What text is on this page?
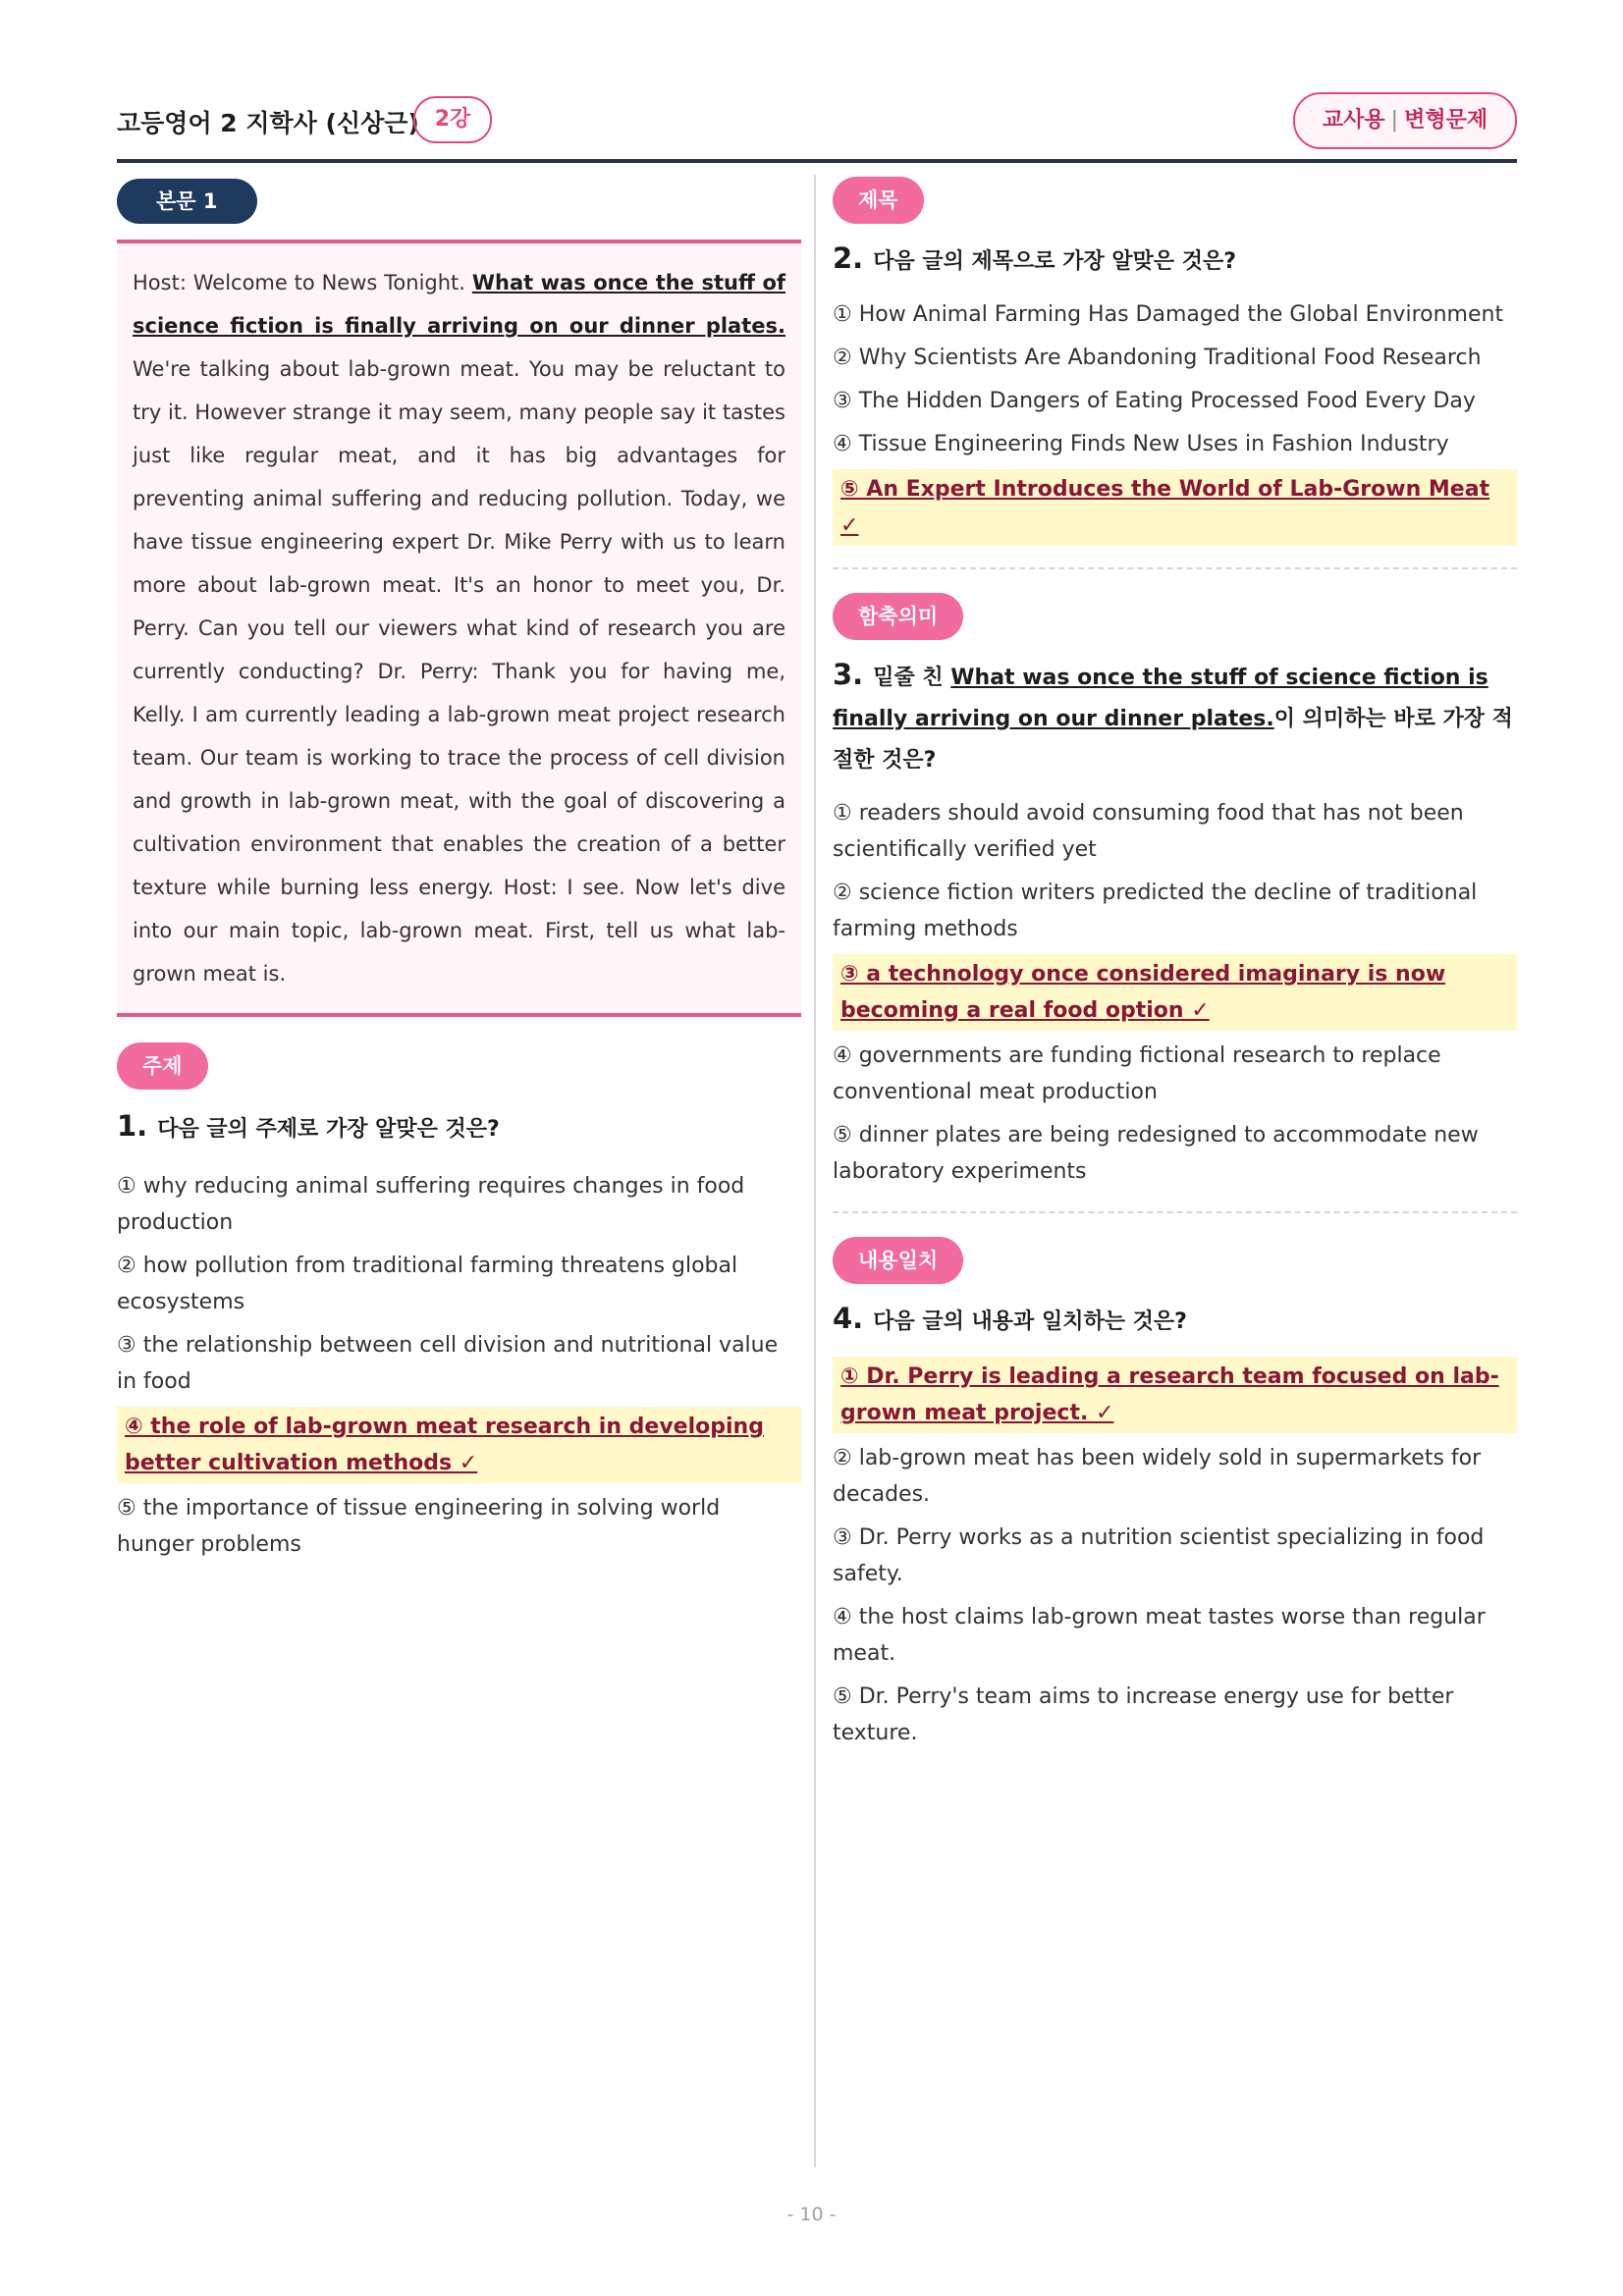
고등영어 2 지학사 (신상근) 2강	교사용 | 변형문제
본문 1
Host: Welcome to News Tonight. What was once the stuff of science fiction is finally arriving on our dinner plates. We're talking about lab-grown meat. You may be reluctant to try it. However strange it may seem, many people say it tastes just like regular meat, and it has big advantages for preventing animal suffering and reducing pollution. Today, we have tissue engineering expert Dr. Mike Perry with us to learn more about lab-grown meat. It's an honor to meet you, Dr. Perry. Can you tell our viewers what kind of research you are currently conducting? Dr. Perry: Thank you for having me, Kelly. I am currently leading a lab-grown meat project research team. Our team is working to trace the process of cell division and growth in lab-grown meat, with the goal of discovering a cultivation environment that enables the creation of a better texture while burning less energy. Host: I see. Now let's dive into our main topic, lab-grown meat. First, tell us what lab-grown meat is.
주제
1. 다음 글의 주제로 가장 알맞은 것은?
① why reducing animal suffering requires changes in food production
② how pollution from traditional farming threatens global ecosystems
③ the relationship between cell division and nutritional value in food
④ the role of lab-grown meat research in developing better cultivation methods ✓
⑤ the importance of tissue engineering in solving world hunger problems
제목
2. 다음 글의 제목으로 가장 알맞은 것은?
① How Animal Farming Has Damaged the Global Environment
② Why Scientists Are Abandoning Traditional Food Research
③ The Hidden Dangers of Eating Processed Food Every Day
④ Tissue Engineering Finds New Uses in Fashion Industry
⑤ An Expert Introduces the World of Lab-Grown Meat ✓
함축의미
3. 밑줄 친 What was once the stuff of science fiction is finally arriving on our dinner plates.이 의미하는 바로 가장 적절한 것은?
① readers should avoid consuming food that has not been scientifically verified yet
② science fiction writers predicted the decline of traditional farming methods
③ a technology once considered imaginary is now becoming a real food option ✓
④ governments are funding fictional research to replace conventional meat production
⑤ dinner plates are being redesigned to accommodate new laboratory experiments
내용일치
4. 다음 글의 내용과 일치하는 것은?
① Dr. Perry is leading a research team focused on lab-grown meat project. ✓
② lab-grown meat has been widely sold in supermarkets for decades.
③ Dr. Perry works as a nutrition scientist specializing in food safety.
④ the host claims lab-grown meat tastes worse than regular meat.
⑤ Dr. Perry's team aims to increase energy use for better texture.
- 10 -
